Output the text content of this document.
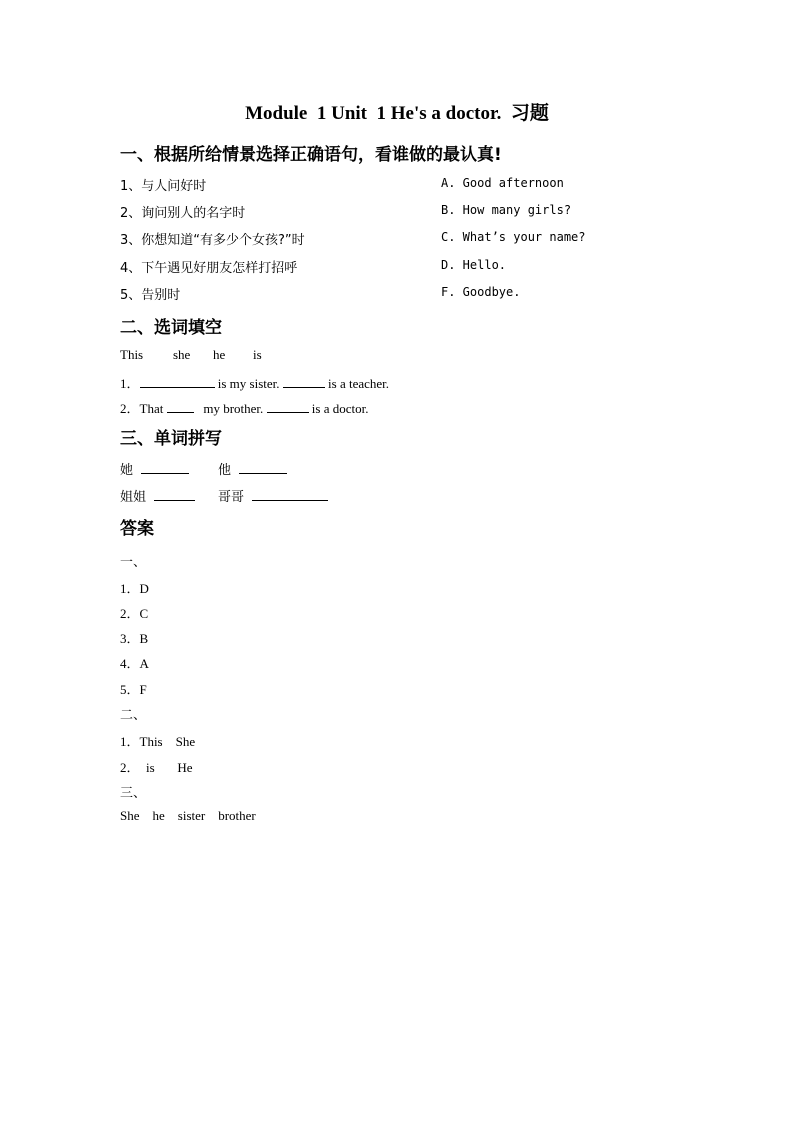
Module  1 Unit  1 He's a doctor.  习题
一、根据所给情景选择正确语句，看谁做的最认真!
1、与人问好时
2、询问别人的名字时
3、你想知道“有多少个女孩?”时
4、下午遇见好朋友怎样打招呼
5、告别时
A. Good afternoon
B. How many girls?
C. What’s your name?
D. Hello.
F. Goodbye.
二、选词填空
This she he is
1．	is my sister.	is a teacher.
2．That	my brother.	is a doctor.
三、单词拼写
她	他
姐姐	哥哥
答案
一、
1．D
2．C
3．B
4．A
5．F
二、
1．This    She
2．  is       He
三、
She    he    sister    brother
